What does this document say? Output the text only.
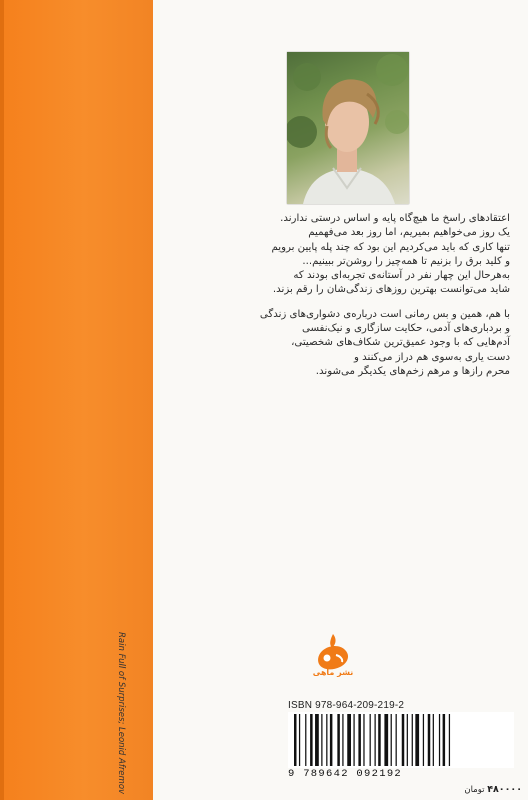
Rain Full of Surprises; Leonid Afremov

اعتقادهای راسخ ما هیچ‌گاه پایه و اساس درستی ندارند.
یک روز می‌خواهیم بمیریم، اما روز بعد می‌فهمیم
تنها کاری که باید می‌کردیم این بود که چند پله پایین برویم
و کلید برق را بزنیم تا همه‌چیز را روشن‌تر ببینیم...
به‌هرحال این چهار نفر در آستانه‌ی تجربه‌ای بودند که
شاید می‌توانست بهترین روزهای زندگی‌شان را رقم بزند.

با هم، همین و بس رمانی است درباره‌ی دشواری‌های زندگی
و بردباری‌های آدمی، حکایت سازگاری و نیک‌نفسی
آدم‌هایی که با وجود عمیق‌ترین شکاف‌های شخصیتی،
دست یاری به‌سوی هم دراز می‌کنند و
محرم رازها و مرهم زخم‌های یکدیگر می‌شوند.

نشر ماهی
ISBN 978-964-209-219-2
9 789642 092192
۴۸۰۰۰۰ تومان
